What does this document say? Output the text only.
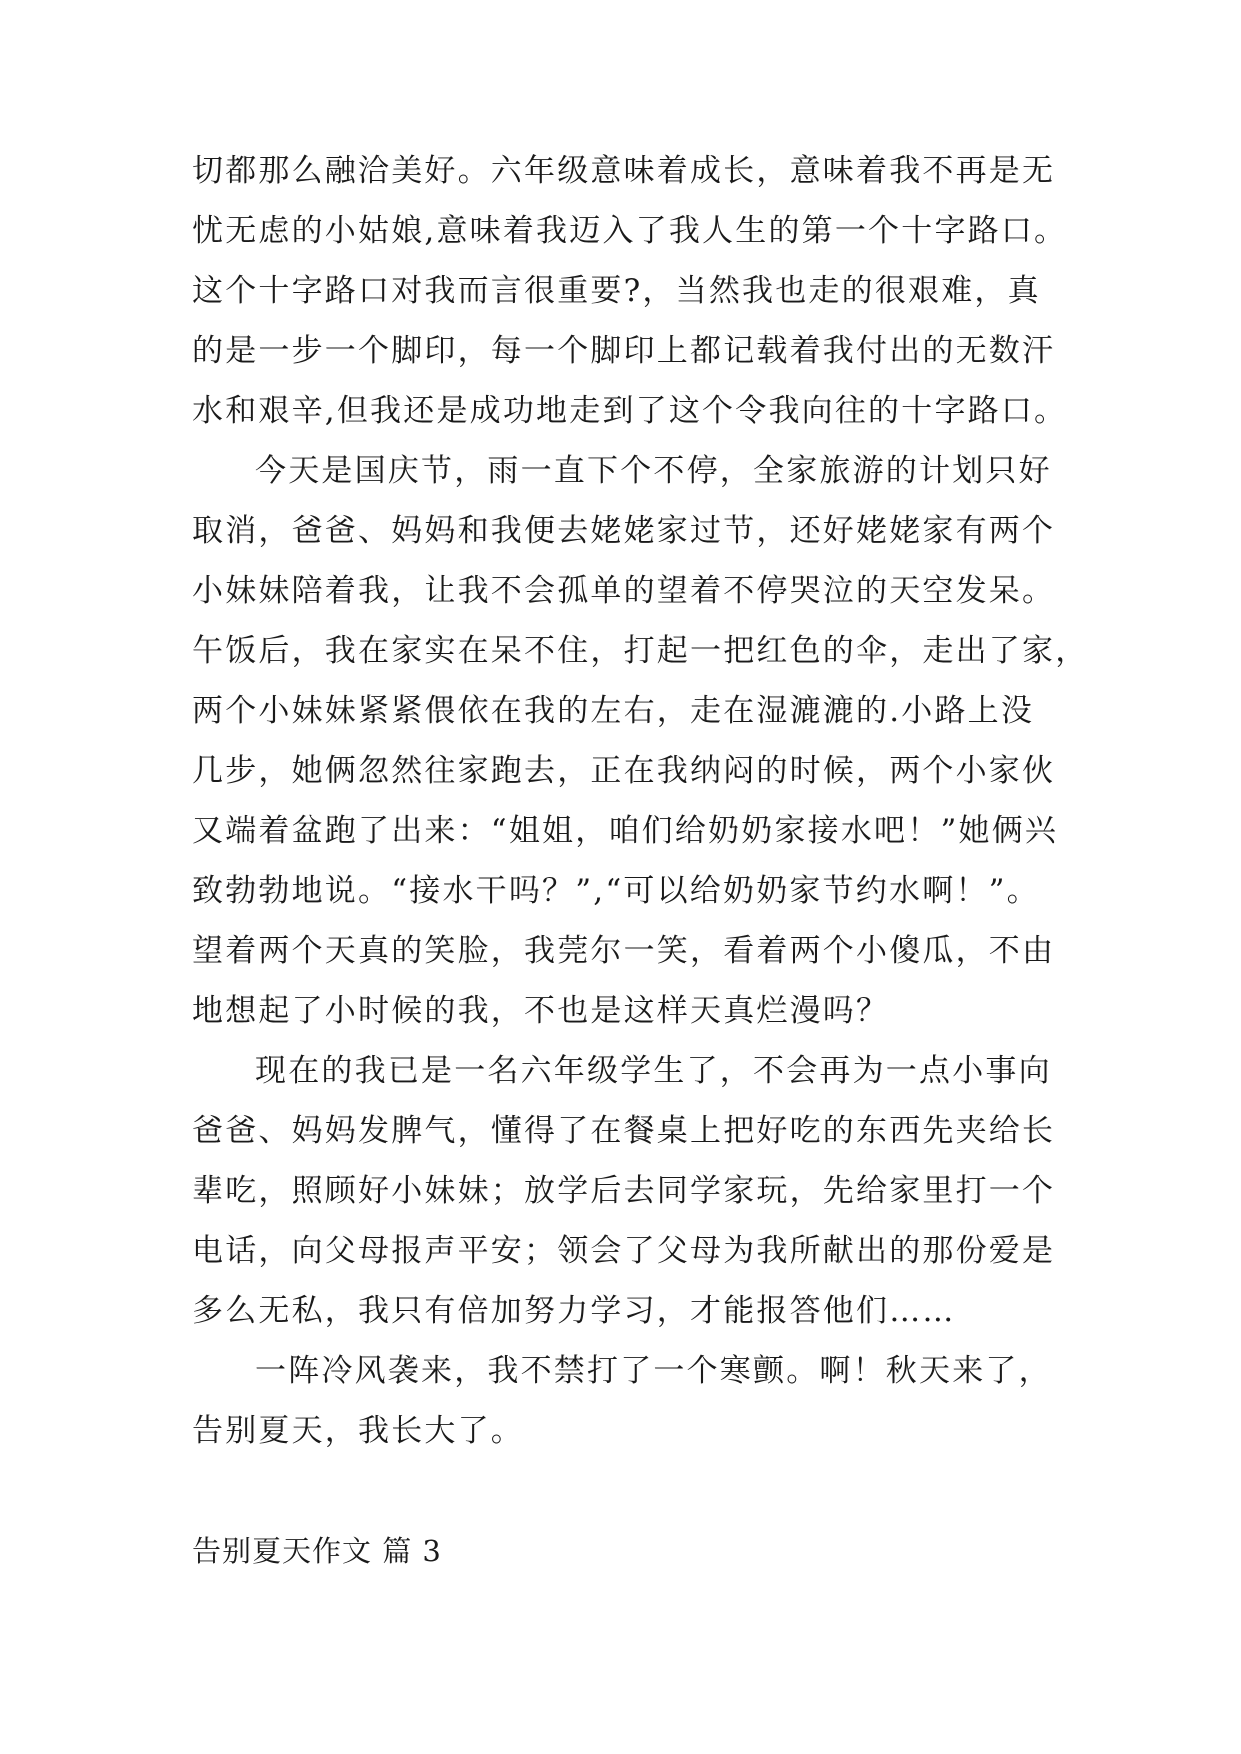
切都那么融洽美好。六年级意味着成长，意味着我不再是无
忧无虑的小姑娘,意味着我迈入了我人生的第一个十字路口。
这个十字路口对我而言很重要?，当然我也走的很艰难，真
的是一步一个脚印，每一个脚印上都记载着我付出的无数汗
水和艰辛,但我还是成功地走到了这个令我向往的十字路口。
今天是国庆节，雨一直下个不停，全家旅游的计划只好
取消，爸爸、妈妈和我便去姥姥家过节，还好姥姥家有两个
小妹妹陪着我，让我不会孤单的望着不停哭泣的天空发呆。
午饭后，我在家实在呆不住，打起一把红色的伞，走出了家，
两个小妹妹紧紧偎依在我的左右，走在湿漉漉的.小路上没
几步，她俩忽然往家跑去，正在我纳闷的时候，两个小家伙
又端着盆跑了出来：“姐姐，咱们给奶奶家接水吧！”她俩兴
致勃勃地说。“接水干吗？”,“可以给奶奶家节约水啊！”。
望着两个天真的笑脸，我莞尔一笑，看着两个小傻瓜，不由
地想起了小时候的我，不也是这样天真烂漫吗？
现在的我已是一名六年级学生了，不会再为一点小事向
爸爸、妈妈发脾气，懂得了在餐桌上把好吃的东西先夹给长
辈吃，照顾好小妹妹；放学后去同学家玩，先给家里打一个
电话，向父母报声平安；领会了父母为我所献出的那份爱是
多么无私，我只有倍加努力学习，才能报答他们……
一阵冷风袭来，我不禁打了一个寒颤。啊！秋天来了，
告别夏天，我长大了。
告别夏天作文 篇 3
